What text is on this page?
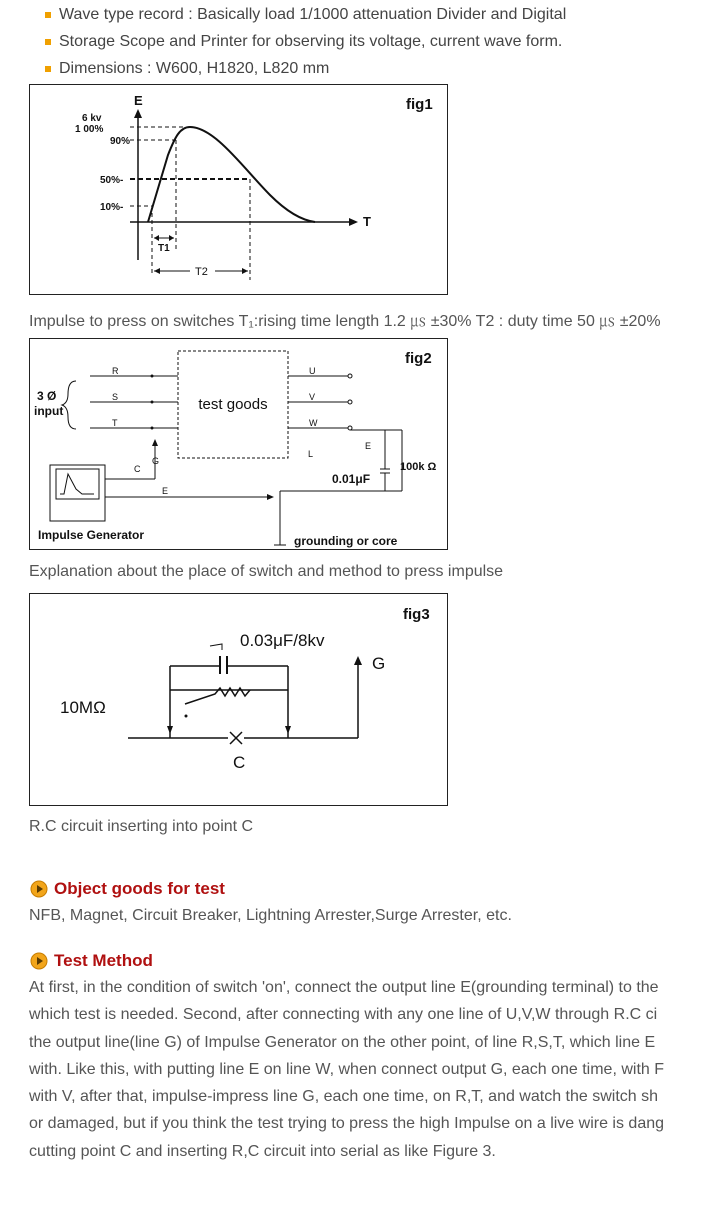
Wave type record : Basically load 1/1000 attenuation Divider and Digital
Storage Scope and Printer for observing its voltage, current wave form.
Dimensions : W600, H1820, L820 mm
fig1
E
T
6 kv
1 00%
90%
50%-
10%-
T1
T2
Impulse to press on switches T₁:rising time length 1.2 ㎲ ±30% T2 : duty time 50 ㎲ ±20%
fig2
test goods
3 Ø
input
R
S
T
U
V
W
L
E
0.01μF
100k Ω
Impulse Generator
G
C
E
grounding or core
Explanation about the place of switch and method to press impulse
fig3
0.03μF/8kv
G
10MΩ
C
R.C circuit inserting into point C
Object goods for test
NFB, Magnet, Circuit Breaker, Lightning Arrester,Surge Arrester, etc.
Test Method
At first, in the condition of switch 'on', connect the output line E(grounding terminal) to the
which test is needed. Second, after connecting with any one line of U,V,W through R.C ci
the output line(line G) of Impulse Generator on the other point, of line R,S,T, which line E
with. Like this, with putting line E on line W, when connect output G, each one time, with F
with V, after that, impulse-impress line G, each one time, on R,T, and watch the switch sh
or damaged, but if you think the test trying to press the high Impulse on a live wire is dang
cutting point C and inserting R,C circuit into serial as like Figure 3.
